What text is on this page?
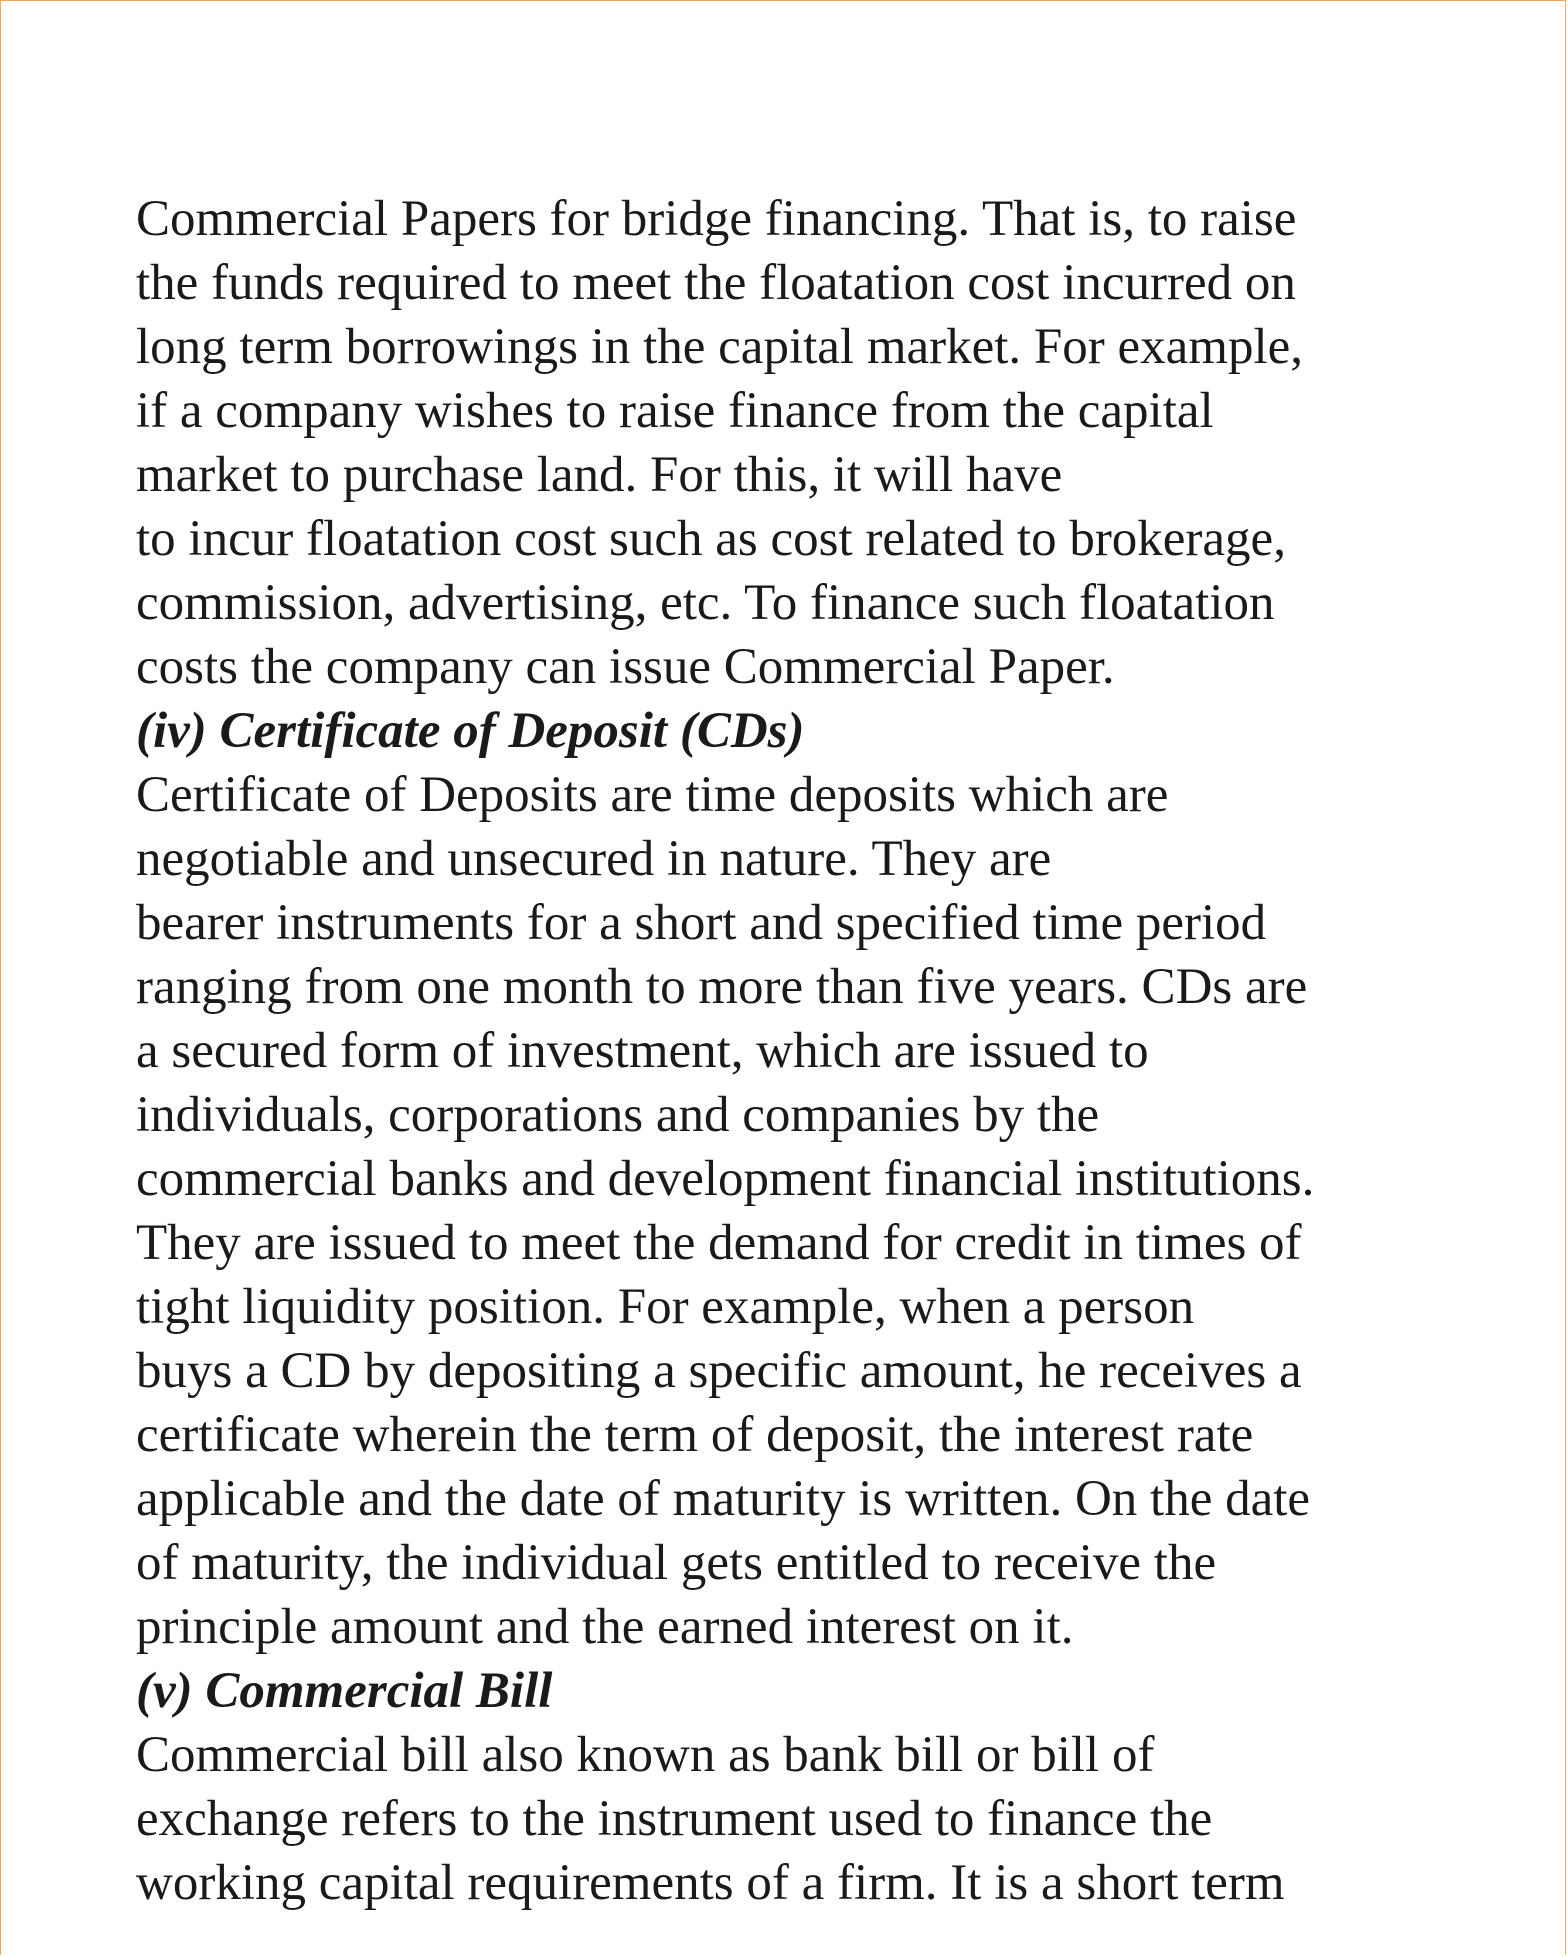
Commercial Papers for bridge financing. That is, to raise
the funds required to meet the floatation cost incurred on
long term borrowings in the capital market. For example,
if a company wishes to raise finance from the capital
market to purchase land. For this, it will have
to incur floatation cost such as cost related to brokerage,
commission, advertising, etc. To finance such floatation
costs the company can issue Commercial Paper.
(iv) Certificate of Deposit (CDs)
Certificate of Deposits are time deposits which are
negotiable and unsecured in nature. They are
bearer instruments for a short and specified time period
ranging from one month to more than five years. CDs are
a secured form of investment, which are issued to
individuals, corporations and companies by the
commercial banks and development financial institutions.
They are issued to meet the demand for credit in times of
tight liquidity position. For example, when a person
buys a CD by depositing a specific amount, he receives a
certificate wherein the term of deposit, the interest rate
applicable and the date of maturity is written. On the date
of maturity, the individual gets entitled to receive the
principle amount and the earned interest on it.
(v) Commercial Bill
Commercial bill also known as bank bill or bill of
exchange refers to the instrument used to finance the
working capital requirements of a firm. It is a short term
